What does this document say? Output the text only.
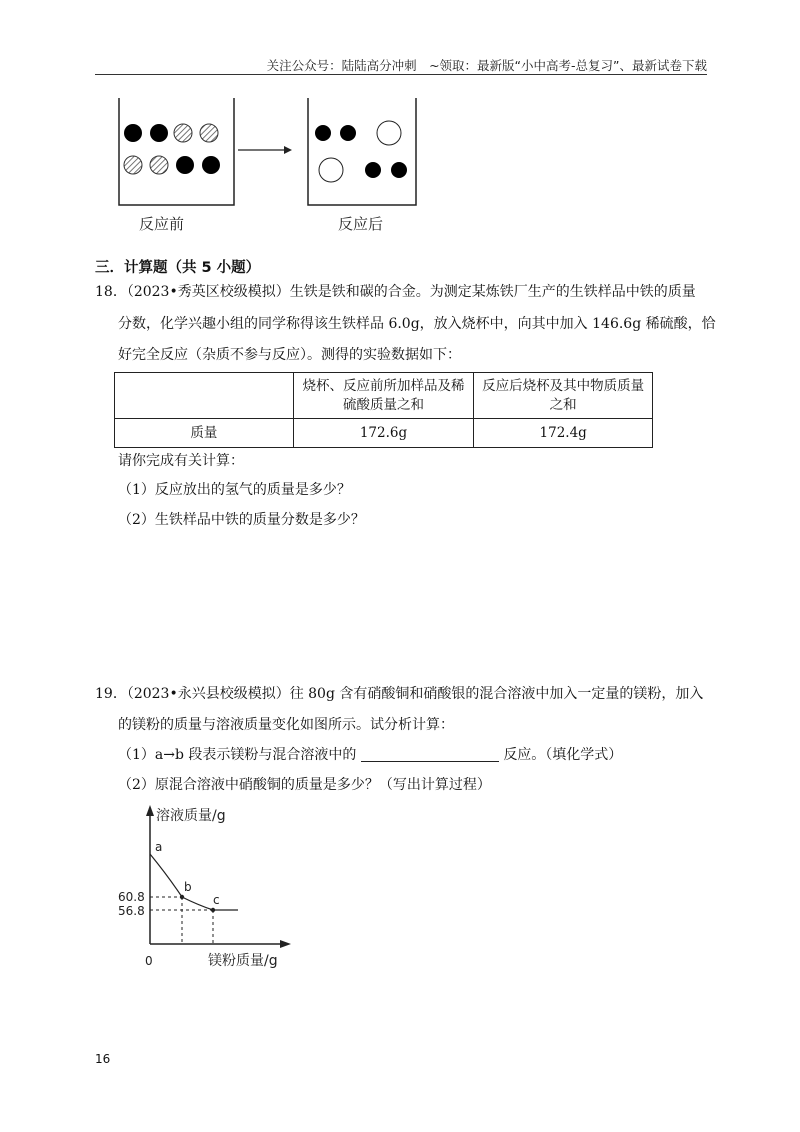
关注公众号：陆陆高分冲刺　~领取：最新版“小中高考-总复习”、最新试卷下载
反应前	反应后
三．计算题（共 5 小题）
18．（2023•秀英区校级模拟）生铁是铁和碳的合金。为测定某炼铁厂生产的生铁样品中铁的质量
分数，化学兴趣小组的同学称得该生铁样品 6.0g，放入烧杯中，向其中加入 146.6g 稀硫酸，恰
好完全反应（杂质不参与反应）。测得的实验数据如下：
	烧杯、反应前所加样品及稀硫酸质量之和	反应后烧杯及其中物质质量之和
质量	172.6g	172.4g
请你完成有关计算：
（1）反应放出的氢气的质量是多少？
（2）生铁样品中铁的质量分数是多少？
19．（2023•永兴县校级模拟）往 80g 含有硝酸铜和硝酸银的混合溶液中加入一定量的镁粉，加入
的镁粉的质量与溶液质量变化如图所示。试分析计算：
（1）a→b 段表示镁粉与混合溶液中的	反应。（填化学式）
（2）原混合溶液中硝酸铜的质量是多少？（写出计算过程）
溶液质量/g
镁粉质量/g
0
60.8
56.8
a
b
c
16
